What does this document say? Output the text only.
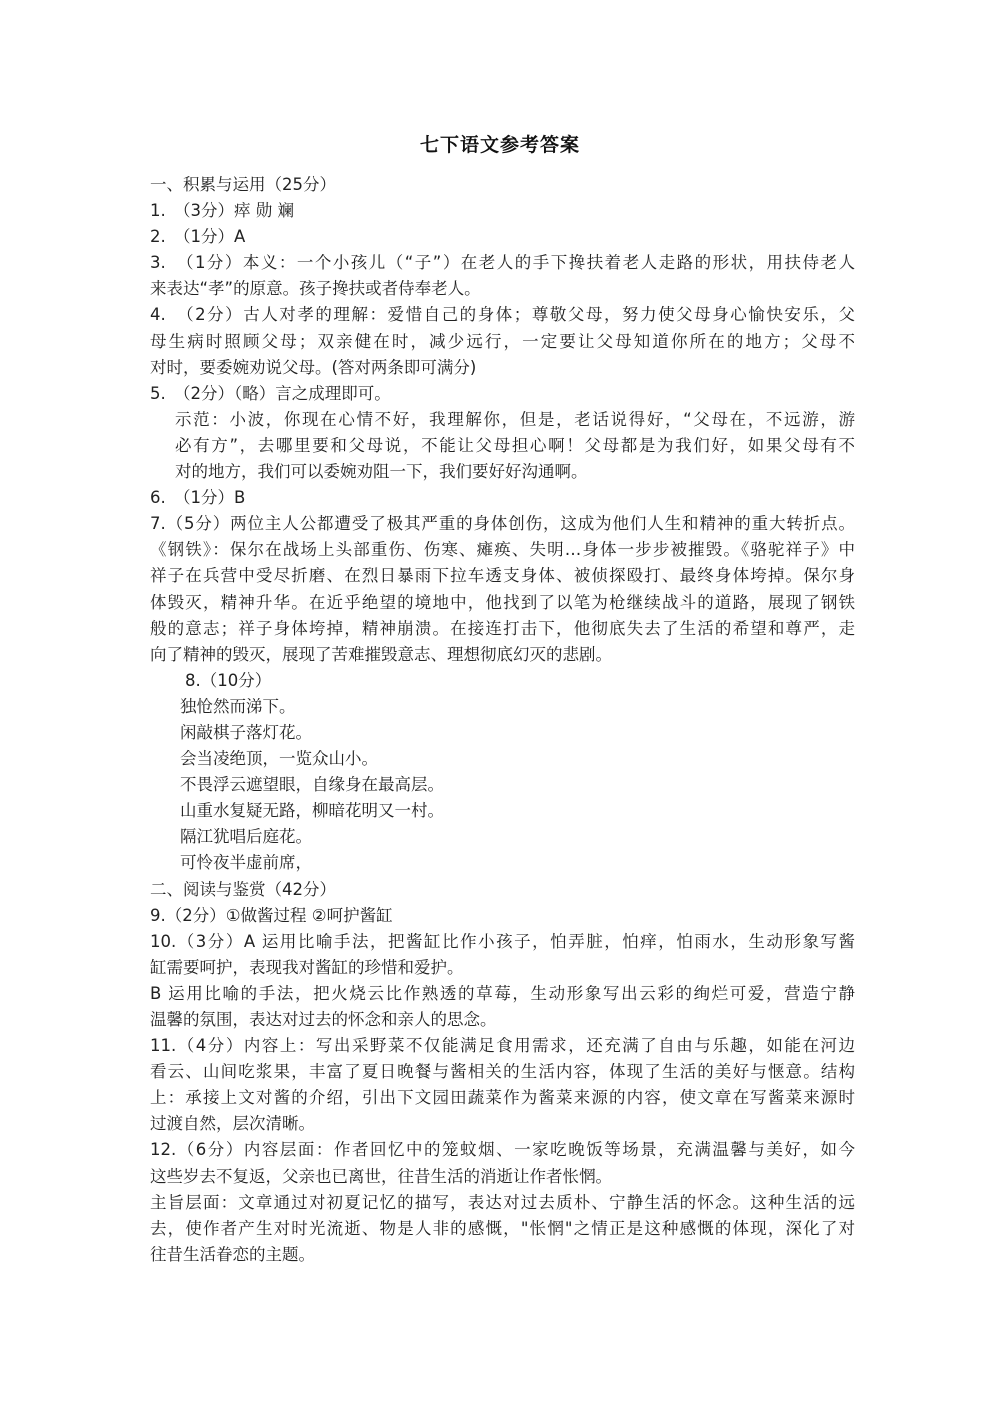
七下语文参考答案
一、积累与运用（25分）
1.　（3分）瘁 勋 斓
2.　（1分）A
3.　（1分）本义：一个小孩儿（“子”）在老人的手下搀扶着老人走路的形状，用扶侍老人
来表达“孝”的原意。孩子搀扶或者侍奉老人。
4.　（2分）古人对孝的理解：爱惜自己的身体；尊敬父母，努力使父母身心愉快安乐，父
母生病时照顾父母；双亲健在时，减少远行，一定要让父母知道你所在的地方；父母不
对时，要委婉劝说父母。(答对两条即可满分)
5.　（2分）（略）言之成理即可。
示范：小波，你现在心情不好，我理解你，但是，老话说得好，“父母在，不远游，游
必有方”，去哪里要和父母说，不能让父母担心啊！父母都是为我们好，如果父母有不
对的地方，我们可以委婉劝阻一下，我们要好好沟通啊。
6.　（1分）B
7.（5分）两位主人公都遭受了极其严重的身体创伤，这成为他们人生和精神的重大转折点。
《钢铁》：保尔在战场上头部重伤、伤寒、瘫痪、失明…身体一步步被摧毁。《骆驼祥子》中
祥子在兵营中受尽折磨、在烈日暴雨下拉车透支身体、被侦探殴打、最终身体垮掉。保尔身
体毁灭，精神升华。在近乎绝望的境地中，他找到了以笔为枪继续战斗的道路，展现了钢铁
般的意志；祥子身体垮掉，精神崩溃。在接连打击下，他彻底失去了生活的希望和尊严，走
向了精神的毁灭，展现了苦难摧毁意志、理想彻底幻灭的悲剧。
8.（10分）
独怆然而涕下。
闲敲棋子落灯花。
会当凌绝顶，一览众山小。
不畏浮云遮望眼，自缘身在最高层。
山重水复疑无路，柳暗花明又一村。
隔江犹唱后庭花。
可怜夜半虚前席，
二、阅读与鉴赏（42分）
9.（2分）①做酱过程 ②呵护酱缸
10.（3分）A 运用比喻手法，把酱缸比作小孩子，怕弄脏，怕痒，怕雨水，生动形象写酱
缸需要呵护，表现我对酱缸的珍惜和爱护。
B 运用比喻的手法，把火烧云比作熟透的草莓，生动形象写出云彩的绚烂可爱，营造宁静
温馨的氛围，表达对过去的怀念和亲人的思念。
11.（4分）内容上：写出采野菜不仅能满足食用需求，还充满了自由与乐趣，如能在河边
看云、山间吃浆果，丰富了夏日晚餐与酱相关的生活内容，体现了生活的美好与惬意。结构
上：承接上文对酱的介绍，引出下文园田蔬菜作为酱菜来源的内容，使文章在写酱菜来源时
过渡自然，层次清晰。
12.（6分）内容层面：作者回忆中的笼蚊烟、一家吃晚饭等场景，充满温馨与美好，如今
这些岁去不复返，父亲也已离世，往昔生活的消逝让作者怅惘。
主旨层面：文章通过对初夏记忆的描写，表达对过去质朴、宁静生活的怀念。这种生活的远
去，使作者产生对时光流逝、物是人非的感慨，"怅惘"之情正是这种感慨的体现，深化了对
往昔生活眷恋的主题。
